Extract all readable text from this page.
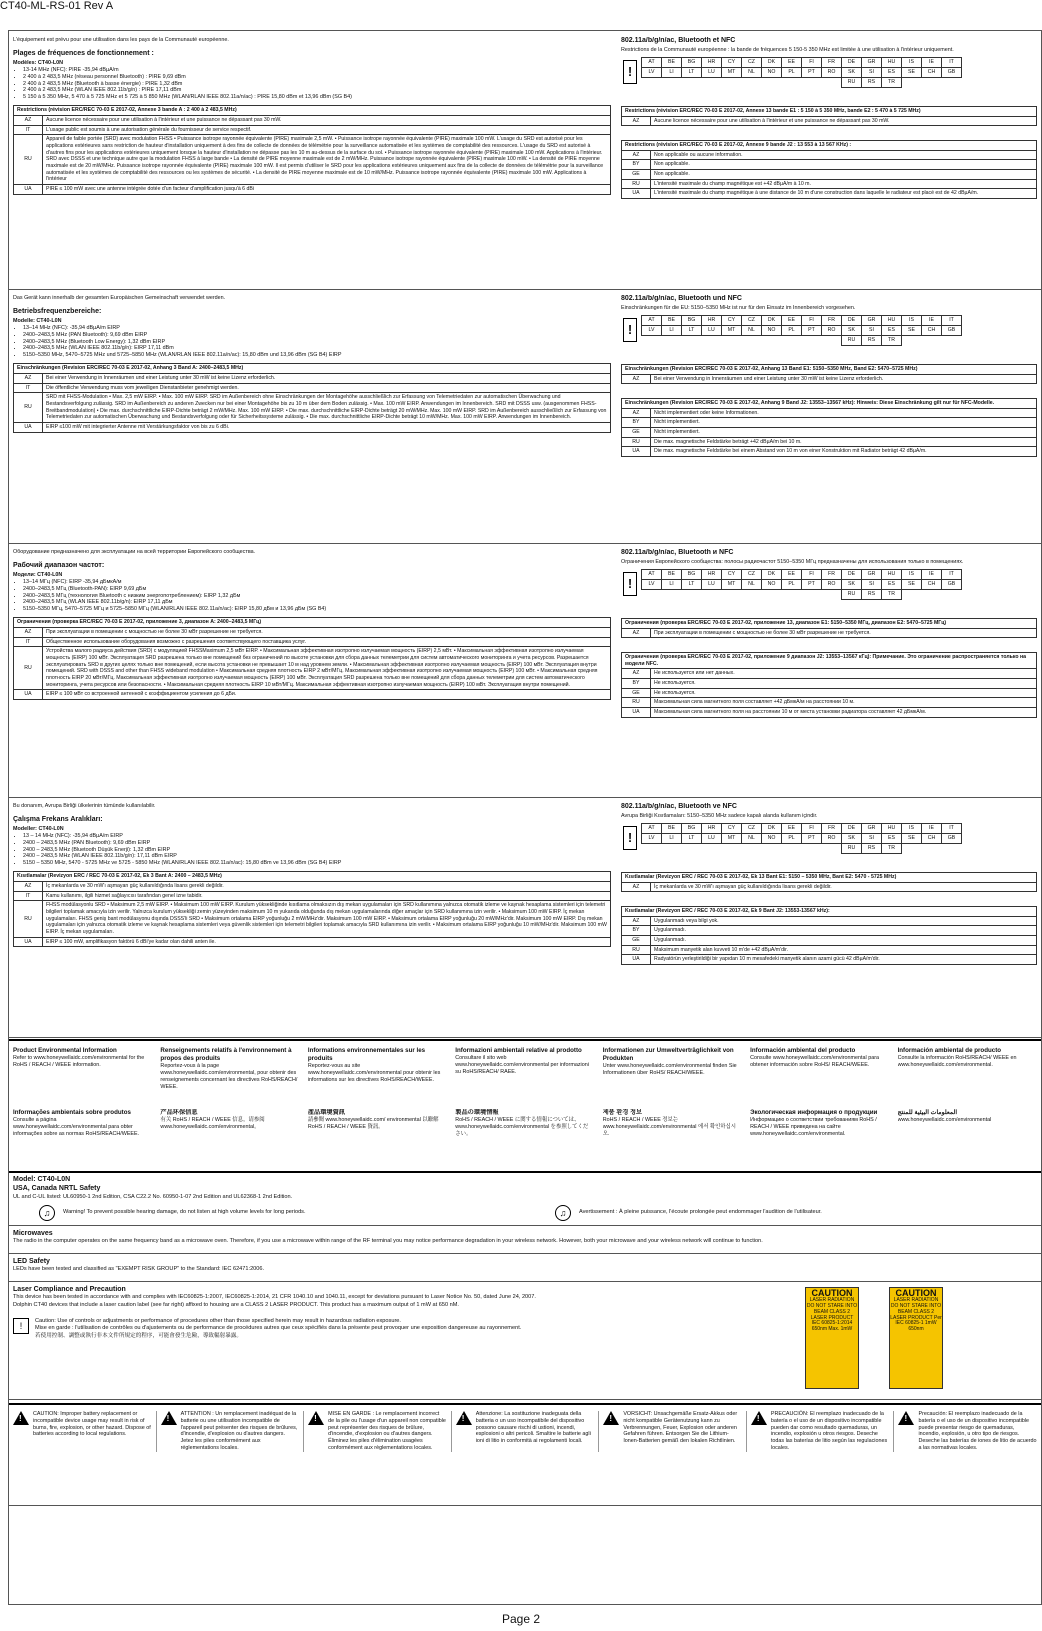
CT40-ML-RS-01 Rev A

L'équipement est prévu pour une utilisation dans les pays de la Communauté européenne.

Plages de fréquences de fonctionnement :
Modèles: CT40-L0N
• 13-14 MHz (NFC): PIRE -35,94 dBµA/m
• 2 400 à 2 483,5 MHz (réseau personnel Bluetooth) : PIRE 9,69 dBm
• 2 400 à 2 483,5 MHz (Bluetooth à basse énergie) : PIRE 1,32 dBm
• 2 400 à 2 483,5 MHz (WLAN IEEE 802.11b/g/n) : PIRE 17,11 dBm
• 5 150 à 5 350 MHz, 5 470 à 5 725 MHz et 5 725 à 5 850 MHz (WLAN/RLAN IEEE 802.11a/n/ac) : PIRE 15,80 dBm et 13,96 dBm (SG B4)
Restrictions (révision ERC/REC 70-03 E 2017-02, Annexe 3 bande A : 2 400 à 2 483,5 MHz)	
AZ	Aucune licence nécessaire pour une utilisation à l'intérieur et une puissance ne dépassant pas 30 mW.
IT	L'usage public est soumis à une autorisation générale du fournisseur de service respectif.
RU	Appareil de faible portée (SRD) avec modulation FHSS • Puissance isotrope rayonnée équivalente (PIRE) maximale 2,5 mW. • Puissance isotrope rayonnée équivalente (PIRE) maximale 100 mW. L'usage du SRD est autorisé pour les applications extérieures sans restriction de hauteur d'installation uniquement à des fins de collecte de données de télémétrie pour la surveillance automatisée et les systèmes de comptabilité des ressources. L'usage du SRD est autorisé à d'autres fins pour les applications extérieures uniquement lorsque la hauteur d'installation ne dépasse pas les 10 m au-dessus de la surface du sol. • Puissance isotrope rayonnée équivalente (PIRE) maximale 100 mW. Applications à l'intérieur. SRD avec DSSS et une technique autre que la modulation FHSS à large bande • La densité de PIRE moyenne maximale est de 2 mW/MHz. Puissance isotrope rayonnée équivalente (PIRE) maximale 100 mW. • La densité de PIRE moyenne maximale est de 20 mW/MHz. Puissance isotrope rayonnée équivalente (PIRE) maximale 100 mW. Il est permis d'utiliser le SRD pour les applications extérieures uniquement aux fins de la collecte de données de télémétrie pour la surveillance automatisée et les systèmes de comptabilité des ressources ou les systèmes de sécurité. • La densité de PIRE moyenne maximale est de 10 mW/MHz. Puissance isotrope rayonnée équivalente (PIRE) maximale 100 mW. Applications à l'intérieur
UA	PIRE ≤ 100 mW avec une antenne intégrée dotée d'un facteur d'amplification jusqu'à 6 dBi
802.11a/b/g/n/ac, Bluetooth et NFC
Restrictions de la Communauté européenne : la bande de fréquences 5 150-5 350 MHz est limitée à une utilisation à l'intérieur uniquement.
!
AT	BE	BG	HR	CY	CZ	DK	EE	FI	FR	DE	GR	HU	IS	IE	IT
LV	LI	LT	LU	MT	NL	NO	PL	PT	RO	SK	SI	ES	SE	CH	GB
										RU	RS	TR			
Restrictions (révision ERC/REC 70-03 E 2017-02, Annexe 13 bande E1 : 5 150 à 5 350 MHz, bande E2 : 5 470 à 5 725 MHz)
AZ	Aucune licence nécessaire pour une utilisation à l'intérieur et une puissance ne dépassant pas 30 mW.
Restrictions (révision ERC/REC 70-03 E 2017-02, Annexe 9 bande J2 : 13 553 à 13 567 KHz) :	
AZ	Non applicable ou aucune information.
BY	Non applicable.
GE	Non applicable.
RU	L'intensité maximale du champ magnétique est +42 dBµA/m à 10 m.
UA	L'intensité maximale du champ magnétique à une distance de 10 m d'une construction dans laquelle le radiateur est placé est de 42 dBµA/m.

Das Gerät kann innerhalb der gesamten Europäischen Gemeinschaft verwendet werden.

Betriebsfrequenzbereiche:
Modelle: CT40-L0N
• 13–14 MHz (NFC): -35,94 dBµA/m EIRP
• 2400–2483,5 MHz (PAN Bluetooth): 9,69 dBm EIRP
• 2400–2483,5 MHz (Bluetooth Low Energy): 1,32 dBm EIRP
• 2400–2483,5 MHz (WLAN IEEE 802.11b/g/n): EIRP 17,11 dBm
• 5150–5350 MHz, 5470–5725 MHz und 5725–5850 MHz (WLAN/RLAN IEEE 802.11a/n/ac): 15,80 dBm und 13,96 dBm (SG B4) EIRP
Einschränkungen (Revision ERC/REC 70-03 E 2017-02, Anhang 3 Band A: 2400–2483,5 MHz)	
AZ	Bei einer Verwendung in Innenräumen und einer Leistung unter 30 mW ist keine Lizenz erforderlich.
IT	Die öffentliche Verwendung muss vom jeweiligen Dienstanbieter genehmigt werden.
RU	SRD mit FHSS-Modulation • Max. 2,5 mW EIRP. • Max. 100 mW EIRP. SRD im Außenbereich ohne Einschränkungen der Montagehöhe ausschließlich zur Erfassung von Telemetriedaten zur automatischen Überwachung und Bestandsverfolgung zulässig. SRD im Außenbereich zu anderen Zwecken nur bei einer Montagehöhe bis zu 10 m über dem Boden zulässig. • Max. 100 mW EIRP. Anwendungen im Innenbereich. SRD mit DSSS usw. (ausgenommen FHSS-Breitbandmodulation) • Die max. durchschnittliche EIRP-Dichte beträgt 2 mW/MHz. Max. 100 mW EIRP. • Die max. durchschnittliche EIRP-Dichte beträgt 20 mW/MHz. Max. 100 mW EIRP. SRD im Außenbereich ausschließlich zur Erfassung von Telemetriedaten zur automatischen Überwachung und Bestandsverfolgung oder für Sicherheitssysteme zulässig. • Die max. durchschnittliche EIRP-Dichte beträgt 10 mW/MHz. Max. 100 mW EIRP. Anwendungen im Innenbereich.
UA	EIRP ≤100 mW mit integrierter Antenne mit Verstärkungsfaktor von bis zu 6 dBi.
802.11a/b/g/n/ac, Bluetooth und NFC
Einschränkungen für die EU: 5150–5350 MHz ist nur für den Einsatz im Innenbereich vorgesehen.
!
AT	BE	BG	HR	CY	CZ	DK	EE	FI	FR	DE	GR	HU	IS	IE	IT
LV	LI	LT	LU	MT	NL	NO	PL	PT	RO	SK	SI	ES	SE	CH	GB
										RU	RS	TR			
Einschränkungen (Revision ERC/REC 70-03 E 2017-02, Anhang 13 Band E1: 5150–5350 MHz, Band E2: 5470–5725 MHz)
AZ	Bei einer Verwendung in Innenräumen und einer Leistung unter 30 mW ist keine Lizenz erforderlich.
Einschränkungen (Revision ERC/REC 70-03 E 2017-02, Anhang 9 Band J2: 13553–13567 kHz): Hinweis: Diese Einschränkung gilt nur für NFC-Modelle.	
AZ	Nicht implementiert oder keine Informationen.
BY	Nicht implementiert.
GE	Nicht implementiert.
RU	Die max. magnetische Feldstärke beträgt +42 dBµA/m bei 10 m.
UA	Die max. magnetische Feldstärke bei einem Abstand von 10 m von einer Konstruktion mit Radiator beträgt 42 dBµA/m.

Оборудование предназначено для эксплуатации на всей территории Европейского сообщества.

Рабочий диапазон частот:
Модели: CT40-L0N
• 13–14 МГц (NFC): ЕIRP -35,94 дБмкА/м
• 2400–2483,5 МГц (Bluetooth-PAN): ЕIRP 9,69 дБм
• 2400–2483,5 МГц (технология Bluetooth с низким энергопотреблением): ЕIRP 1,32 дБм
• 2400–2483,5 МГц (WLAN IEEE 802.11b/g/n): ЕIRP 17,11 дБм
• 5150–5350 МГц, 5470–5725 МГц и 5725–5850 МГц (WLAN/RLAN IEEE 802.11a/n/ac): ЕIRP 15,80 дБм и 13,96 дБм (SG B4)
Ограничения (проверка ERC/REC 70-03 E 2017-02, приложение 3, диапазон A: 2400–2483,5 МГц)	
AZ	При эксплуатации в помещении с мощностью не более 30 мВт разрешение не требуется.
IT	Общественное использование оборудования возможно с разрешения соответствующего поставщика услуг.
RU	Устройства малого радиуса действия (SRD) с модуляцией FHSSMaximum 2,5 мВт EIRP. • Максимальная эффективная изотропно излучаемая мощность (EIRP) 2,5 мВт. • Максимальная эффективная изотропно излучаемая мощность (EIRP) 100 мВт. Эксплуатация SRD разрешена только вне помещений без ограничений по высоте установки для сбора данных телеметрии для систем автоматического мониторинга и учета ресурсов. Разрешается эксплуатировать SRD в других целях только вне помещений, если высота установки не превышает 10 м над уровнем земли. • Максимальная эффективная изотропно излучаемая мощность (EIRP) 100 мВт. Эксплуатация внутри помещений. SRD with DSSS and other than FHSS wideband modulation • Максимальная средняя плотность EIRP 2 мВт/МГц. Максимальная эффективная изотропно излучаемая мощность (EIRP) 100 мВт. • Максимальная средняя плотность EIRP 20 мВт/МГц. Максимальная эффективная изотропно излучаемая мощность (EIRP) 100 мВт. Эксплуатация SRD разрешена только вне помещений для сбора данных телеметрии для систем автоматического мониторинга, учета ресурсов или безопасности. • Максимальная средняя плотность EIRP 10 мВт/МГц. Максимальная эффективная изотропно излучаемая мощность (EIRP) 100 мВт. Эксплуатация внутри помещений.
UA	EIRP ≤ 100 мВт со встроенной антенной с коэффициентом усиления до 6 дБи.
802.11a/b/g/n/ac, Bluetooth и NFC
Ограничения Европейского сообщества: полосы радиочастот 5150–5350 МГц предназначены для использования только в помещениях.
!
AT	BE	BG	HR	CY	CZ	DK	EE	FI	FR	DE	GR	HU	IS	IE	IT
LV	LI	LT	LU	MT	NL	NO	PL	PT	RO	SK	SI	ES	SE	CH	GB
										RU	RS	TR			
Ограничения (проверка ERC/REC 70-03 E 2017-02, приложение 13, диапазон E1: 5150–5350 МГц, диапазон E2: 5470–5725 МГц)
AZ	При эксплуатации в помещении с мощностью не более 30 мВт разрешение не требуется.
Ограничения (проверка ERC/REC 70-03 E 2017-02, приложение 9 диапазон J2: 13553–13567 кГц): Примечание. Это ограничение распространяется только на модели NFC.	
AZ	Не используется или нет данных.
BY	Не используется.
GE	Не используется.
RU	Максимальная сила магнитного поля составляет +42 дБмкА/м на расстоянии 10 м.
UA	Максимальная сила магнитного поля на расстоянии 10 м от места установки радиатора составляет 42 дБмкА/м.

Bu donanım, Avrupa Birliği ülkelerinin tümünde kullanılabilir.

Çalışma Frekans Aralıkları:
Modeller: CT40-L0N
• 13 – 14 MHz (NFC): -35,94 dBµA/m EIRP
• 2400 – 2483,5 MHz (PAN Bluetooth): 9,69 dBm EIRP
• 2400 – 2483,5 MHz (Bluetooth Düşük Enerji): 1,32 dBm EIRP
• 2400 – 2483,5 MHz (WLAN IEEE 802.11b/g/n): 17,11 dBm EIRP
• 5150 – 5350 MHz, 5470 - 5725 MHz ve 5725 - 5850 MHz (WLAN/RLAN IEEE 802.11a/n/ac): 15,80 dBm ve 13,96 dBm (SG B4) EIRP
Kısıtlamalar (Revizyon ERC / REC 70-03 E 2017-02, Ek 3 Bant A: 2400 – 2483,5 MHz)	
AZ	İç mekanlarda ve 30 mW'ı aşmayan güç kullanıldığında lisans gerekli değildir.
IT	Kamu kullanımı, ilgili hizmet sağlayıcısı tarafından genel izne tabidir.
RU	FHSS modülasyonlu SRD • Maksimum 2,5 mW EIRP. • Maksimum 100 mW EIRP. Kurulum yüksekliğinde kısıtlama olmaksızın dış mekan uygulamaları için SRD kullanımına yalnızca otomatik izleme ve kaynak hesaplama sistemleri için telemetri bilgileri toplamak amacıyla izin verilir. Yalnızca kurulum yüksekliği zemin yüzeyinden maksimum 10 m yukarıda olduğunda dış mekan uygulamalarında diğer amaçlar için SRD kullanımına izin verilir. • Maksimum 100 mW EIRP. İç mekan uygulamaları. FHSS geniş bant modülasyonu dışında DSSS'li SRD • Maksimum ortalama EIRP yoğunluğu 2 mW/MHz'dir. Maksimum 100 mW EIRP. • Maksimum ortalama EIRP yoğunluğu 20 mW/MHz'dir. Maksimum 100 mW EIRP. Dış mekan uygulamaları için yalnızca otomatik izleme ve kaynak hesaplama sistemleri veya güvenlik sistemleri için telemetri bilgileri toplamak amacıyla SRD kullanımına izin verilir. • Maksimum ortalama EIRP yoğunluğu 10 mW/MHz'dir. Maksimum 100 mW EIRP. İç mekan uygulamaları.
UA	EIRP ≤ 100 mW, amplifikasyon faktörü 6 dBi'ye kadar olan dahili anten ile.
802.11a/b/g/n/ac, Bluetooth ve NFC
Avrupa Birliği Kısıtlamaları: 5150–5350 MHz sadece kapalı alanda kullanım içindir.
!
AT	BE	BG	HR	CY	CZ	DK	EE	FI	FR	DE	GR	HU	IS	IE	IT
LV	LI	LT	LU	MT	NL	NO	PL	PT	RO	SK	SI	ES	SE	CH	GB
										RU	RS	TR			
Kısıtlamalar (Revizyon ERC / REC 70-03 E 2017-02, Ek 13 Bant E1: 5150 – 5350 MHz, Bant E2: 5470 - 5725 MHz)
AZ	İç mekanlarda ve 30 mW'ı aşmayan güç kullanıldığında lisans gerekli değildir.
Kısıtlamalar (Revizyon ERC / REC 70-03 E 2017-02, Ek 9 Bant J2: 13553-13567 kHz):	
AZ	Uygulanmadı veya bilgi yok.
BY	Uygulanmadı.
GE	Uygulanmadı.
RU	Maksimum manyetik alan kuvveti 10 m'de +42 dBµA/m'dir.
UA	Radyatörün yerleştirildiği bir yapıdan 10 m mesafedeki manyetik alanın azami gücü 42 dBµA/m'dir.
Product Environmental Information
Refer to www.honeywellaidc.com/environmental for the RoHS / REACH / WEEE information.
Renseignements relatifs à l'environnement à propos des produits
Reportez-vous à la page www.honeywellaidc.com/environmental, pour obtenir des renseignements concernant les directives RoHS/REACH/ WEEE.
Informations environnementales sur les produits
Reportez-vous au site www.honeywellaidc.com/environmental pour obtenir les informations sur les directives RoHS/REACH/WEEE.
Informazioni ambientali relative al prodotto
Consultare il sito web www.honeywellaidc.com/environmental per informazioni su RoHS/REACH/ RAEE.
Informationen zur Umweltverträglichkeit von Produkten
Unter www.honeywellaidc.com/environmental finden Sie Informationen über RoHS/ REACH/WEEE.
Información ambiental del producto
Consulte www.honeywellaidc.com/environmental para obtener información sobre RoHS/ REACH/WEEE.
Información ambiental de producto
Consulte la información RoHS/REACH/ WEEE en www.honeywellaidc.com/environmental.
Informações ambientais sobre produtos
Consulte a página www.honeywellaidc.com/environmental para obter informações sobre as normas RoHS/REACH/WEEE.
产品环保信息
有关 RoHS / REACH / WEEE 信息，请参阅 www.honeywellaidc.com/environmental。
產品環境資訊
請參閱 www.honeywellaidc.com/ environmental 以瞭解 RoHS / REACH / WEEE 資訊。
製品の環境情報
RoHS / REACH / WEEE に関する情報については、www.honeywellaidc.com/environmental を参照してください。
제품 환경 정보
RoHS / REACH / WEEE 정보는 www.honeywellaidc.com/environmental 에서 확인하십시오.
Экологическая информация о продукции
Информацию о соответствии требованиям RoHS / REACH / WEEE приведена на сайте www.honeywellaidc.com/environmental.
المعلومات البيئية للمنتج
www.honeywellaidc.com/environmental
Model: CT40-L0N
USA, Canada NRTL Safety
UL and C-UL listed: UL60950-1 2nd Edition, CSA C22.2 No. 60950-1-07 2nd Edition and UL62368-1 2nd Edition.
♫	Warning! To prevent possible hearing damage, do not listen at high volume levels for long periods.	♫	Avertissement : À pleine puissance, l'écoute prolongée peut endommager l'audition de l'utilisateur.
Microwaves
The radio in the computer operates on the same frequency band as a microwave oven. Therefore, if you use a microwave within range of the RF terminal you may notice performance degradation in your wireless network. However, both your microwave and your wireless network will continue to function.
LED Safety
LEDs have been tested and classified as "EXEMPT RISK GROUP" to the Standard: IEC 62471:2006.
Laser Compliance and Precaution
This device has been tested in accordance with and complies with IEC60825-1:2007, IEC60825-1:2014, 21 CFR 1040.10 and 1040.11, except for deviations pursuant to Laser Notice No. 50, dated June 24, 2007.
Dolphin CT40 devices that include a laser caution label (see far right) affixed to housing are a CLASS 2 LASER PRODUCT. This product has a maximum output of 1 mW at 650 nM.
!	Caution: Use of controls or adjustments or performance of procedures other than those specified herein may result in hazardous radiation exposure.
Mise en garde : l'utilisation de contrôles ou d'ajustements ou de performance de procédures autres que ceux spécifiés dans la présente peut provoquer une exposition dangereuse au rayonnement.
若使用控制、調整或執行非本文件所規定的程序，可能會發生危險，導致輻射暴露。
CAUTION
LASER RADIATION DO NOT STARE INTO BEAM CLASS 2 LASER PRODUCT IEC 60825-1:2014 650nm Max. 1mW
CAUTION
LASER RADIATION DO NOT STARE INTO BEAM CLASS 2 LASER PRODUCT Per IEC 60825-1 1mW 650nm
! CAUTION: Improper battery replacement or incompatible device usage may result in risk of burns, fire, explosion, or other hazard. Dispose of batteries according to local regulations.
! ATTENTION : Un remplacement inadéquat de la batterie ou une utilisation incompatible de l'appareil peut présenter des risques de brûlures, d'incendie, d'explosion ou d'autres dangers. Jetez les piles conformément aux réglementations locales.
! MISE EN GARDE : Le remplacement incorrect de la pile ou l'usage d'un appareil non compatible peut représenter des risques de brûlure, d'incendie, d'explosion ou d'autres dangers. Éliminez les piles d'élimination usagées conformément aux règlementations locales.
! Attenzione: La sostituzione inadeguata della batteria o un uso incompatibile del dispositivo possono causare rischi di ustioni, incendi, esplosioni o altri pericoli. Smaltire le batterie agli ioni di litio in conformità ai regolamenti locali.
! VORSICHT: Unsachgemäße Ersatz-Akkus oder nicht kompatible Gerätenutzung kann zu Verbrennungen, Feuer, Explosion oder anderen Gefahren führen. Entsorgen Sie die Lithium-Ionen-Batterien gemäß den lokalen Richtlinien.
! PRECAUCIÓN: El reemplazo inadecuado de la batería o el uso de un dispositivo incompatible pueden dar como resultado quemaduras, un incendio, explosión u otros riesgos. Deseche todas las baterías de litio según las regulaciones locales.
! Precaución: El reemplazo inadecuado de la batería o el uso de un dispositivo incompatible puede presentar riesgo de quemaduras, incendio, explosión, u otro tipo de riesgos. Deseche las baterías de iones de litio de acuerdo a las normativas locales.
Page 2
